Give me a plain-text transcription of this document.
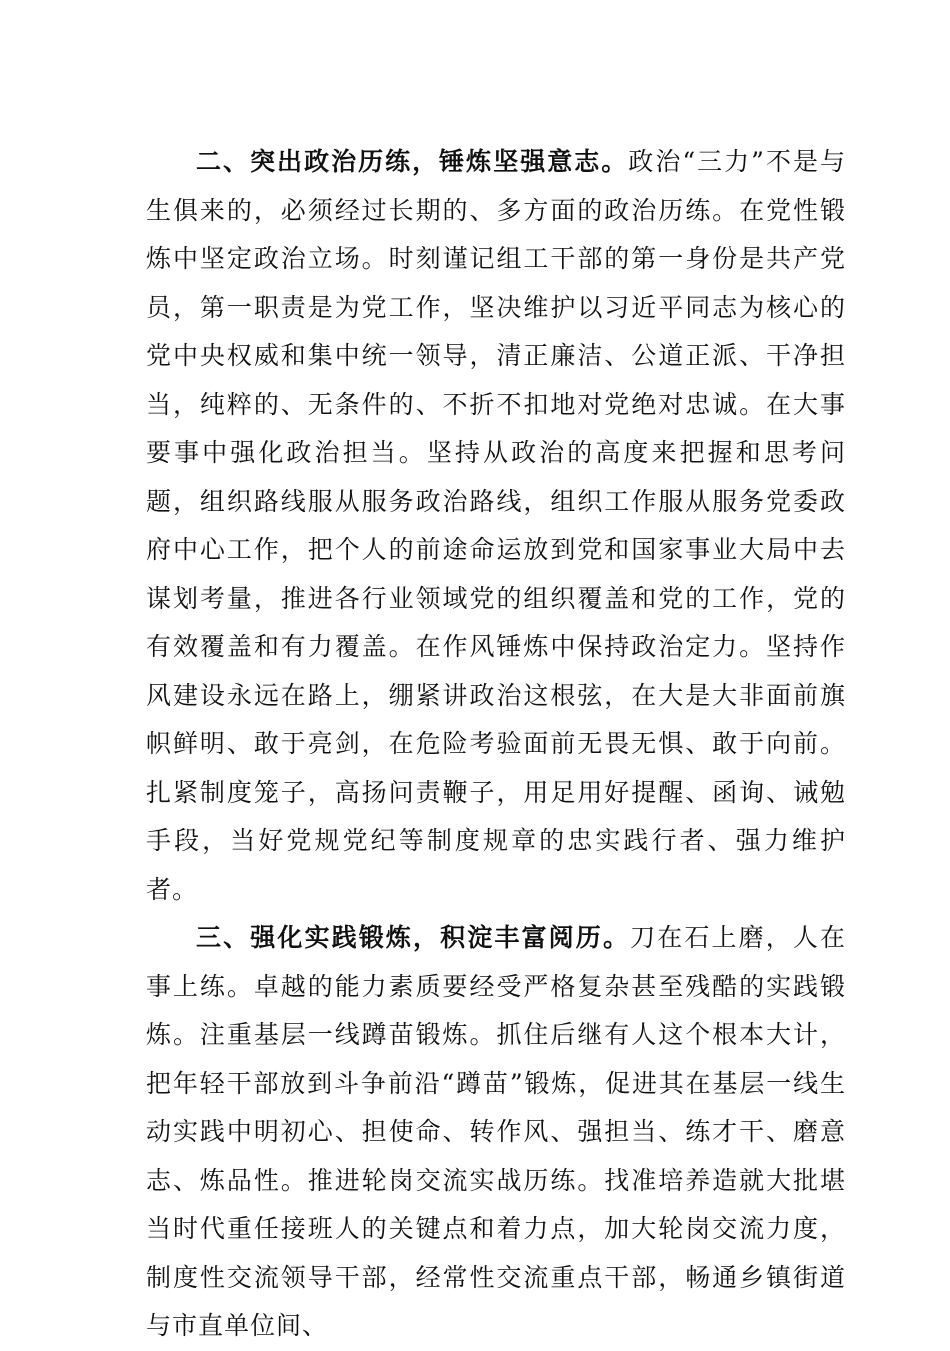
二、突出政治历练，锤炼坚强意志。政治“三力”不是与生俱来的，必须经过长期的、多方面的政治历练。在党性锻炼中坚定政治立场。时刻谨记组工干部的第一身份是共产党员，第一职责是为党工作，坚决维护以习近平同志为核心的党中央权威和集中统一领导，清正廉洁、公道正派、干净担当，纯粹的、无条件的、不折不扣地对党绝对忠诚。在大事要事中强化政治担当。坚持从政治的高度来把握和思考问题，组织路线服从服务政治路线，组织工作服从服务党委政府中心工作，把个人的前途命运放到党和国家事业大局中去谋划考量，推进各行业领域党的组织覆盖和党的工作，党的有效覆盖和有力覆盖。在作风锤炼中保持政治定力。坚持作风建设永远在路上，绷紧讲政治这根弦，在大是大非面前旗帜鲜明、敢于亮剑，在危险考验面前无畏无惧、敢于向前。扎紧制度笼子，高扬问责鞭子，用足用好提醒、函询、诫勉手段，当好党规党纪等制度规章的忠实践行者、强力维护者。

三、强化实践锻炼，积淀丰富阅历。刀在石上磨，人在事上练。卓越的能力素质要经受严格复杂甚至残酷的实践锻炼。注重基层一线蹲苗锻炼。抓住后继有人这个根本大计，把年轻干部放到斗争前沿“蹲苗”锻炼，促进其在基层一线生动实践中明初心、担使命、转作风、强担当、练才干、磨意志、炼品性。推进轮岗交流实战历练。找准培养造就大批堪当时代重任接班人的关键点和着力点，加大轮岗交流力度，制度性交流领导干部，经常性交流重点干部，畅通乡镇街道与市直单位间、
